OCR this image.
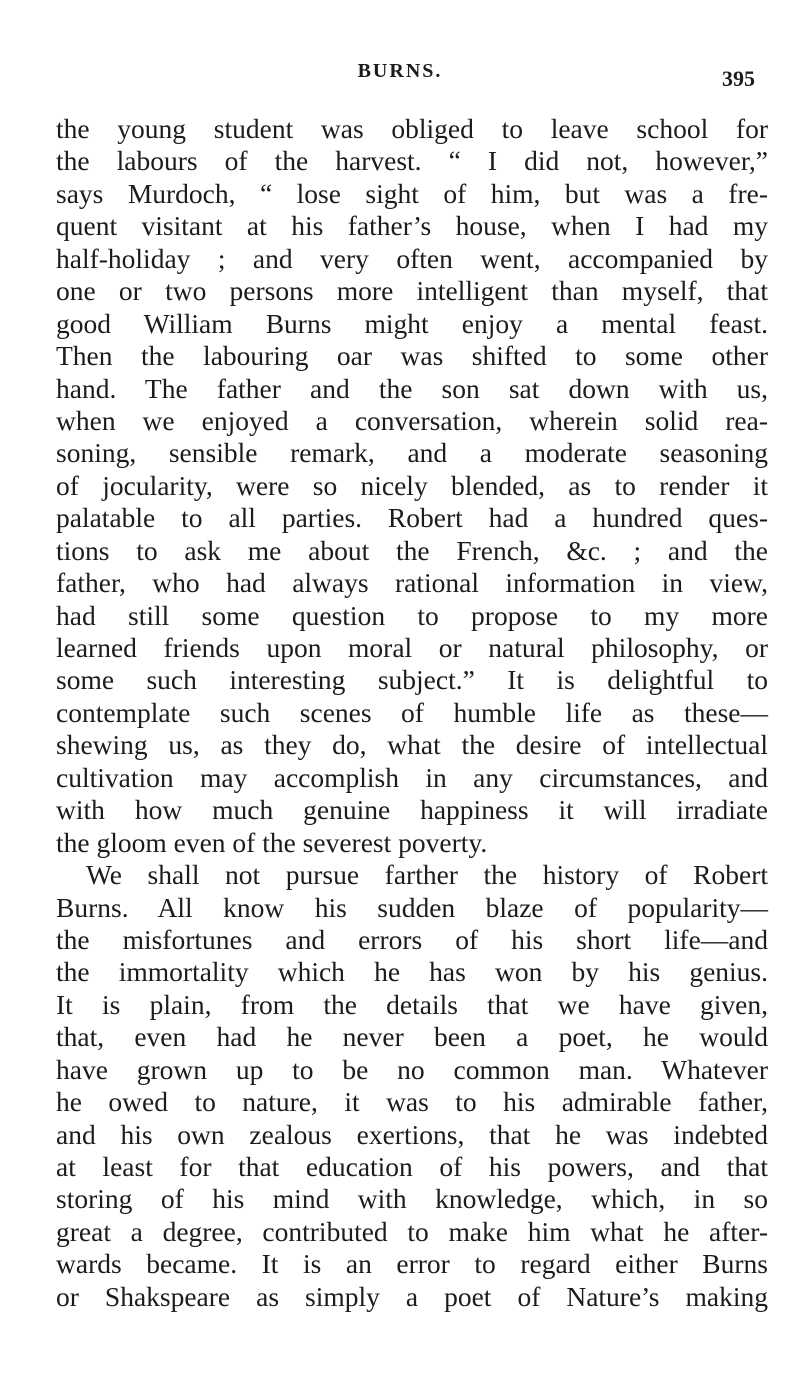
BURNS.	395
the young student was obliged to leave school for
the labours of the harvest. “ I did not, however,”
says Murdoch, “ lose sight of him, but was a fre-
quent visitant at his father’s house, when I had my
half-holiday ; and very often went, accompanied by
one or two persons more intelligent than myself, that
good William Burns might enjoy a mental feast.
Then the labouring oar was shifted to some other
hand. The father and the son sat down with us,
when we enjoyed a conversation, wherein solid rea-
soning, sensible remark, and a moderate seasoning
of jocularity, were so nicely blended, as to render it
palatable to all parties. Robert had a hundred ques-
tions to ask me about the French, &c. ; and the
father, who had always rational information in view,
had still some question to propose to my more
learned friends upon moral or natural philosophy, or
some such interesting subject.” It is delightful to
contemplate such scenes of humble life as these—
shewing us, as they do, what the desire of intellectual
cultivation may accomplish in any circumstances, and
with how much genuine happiness it will irradiate
the gloom even of the severest poverty.
We shall not pursue farther the history of Robert
Burns. All know his sudden blaze of popularity—
the misfortunes and errors of his short life—and
the immortality which he has won by his genius.
It is plain, from the details that we have given,
that, even had he never been a poet, he would
have grown up to be no common man. Whatever
he owed to nature, it was to his admirable father,
and his own zealous exertions, that he was indebted
at least for that education of his powers, and that
storing of his mind with knowledge, which, in so
great a degree, contributed to make him what he after-
wards became. It is an error to regard either Burns
or Shakspeare as simply a poet of Nature’s making
